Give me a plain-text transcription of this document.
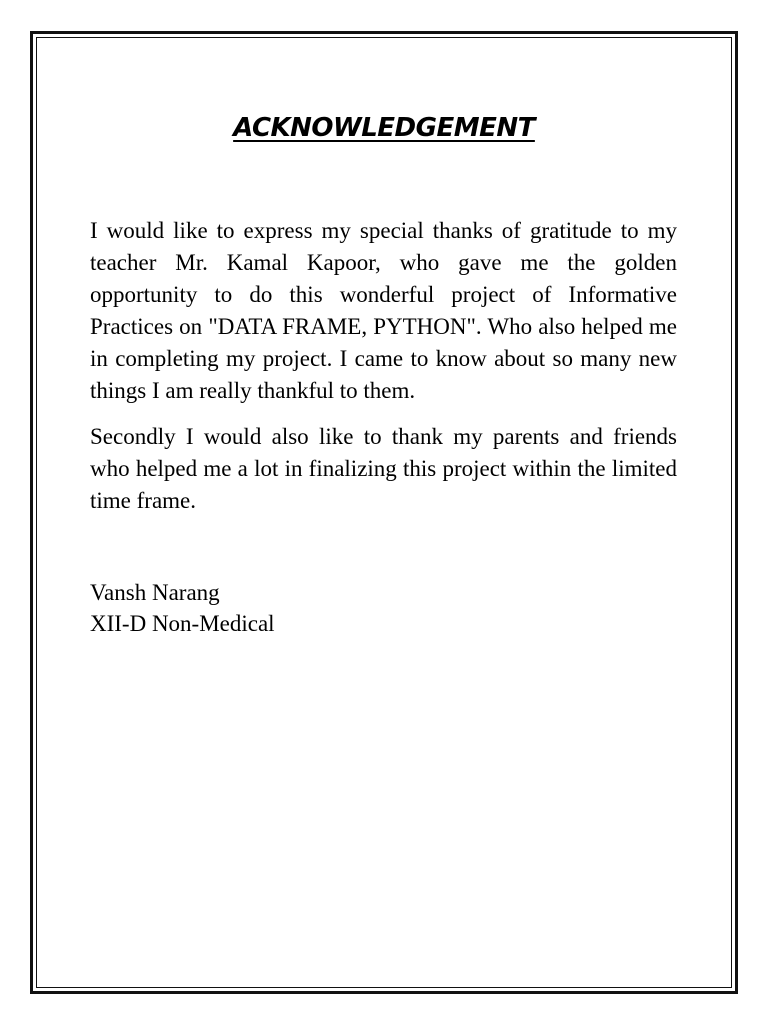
ACKNOWLEDGEMENT

I would like to express my special thanks of gratitude to my teacher Mr. Kamal Kapoor, who gave me the golden opportunity to do this wonderful project of Informative Practices on "DATA FRAME, PYTHON". Who also helped me in completing my project. I came to know about so many new things I am really thankful to them.

Secondly I would also like to thank my parents and friends who helped me a lot in finalizing this project within the limited time frame.

Vansh Narang
XII-D Non-Medical
